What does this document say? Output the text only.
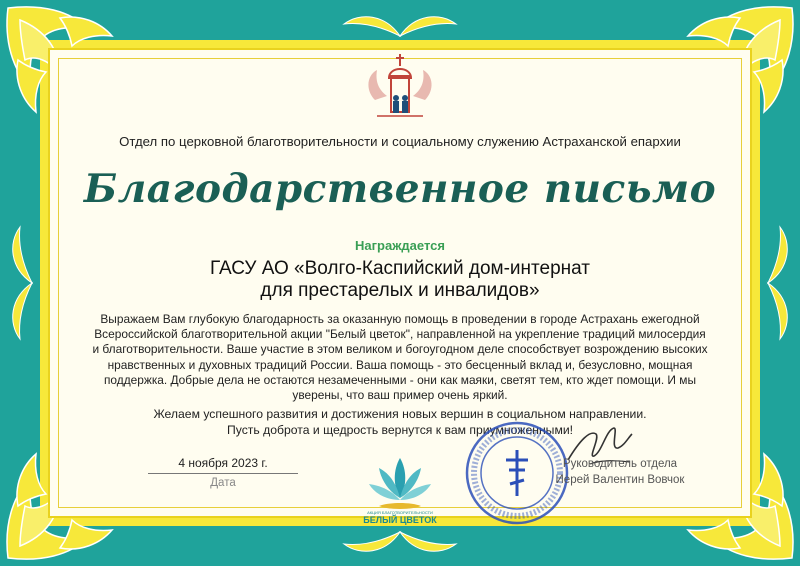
Отдел по церковной благотворительности и социальному служению Астраханской епархии
Благодарственное письмо
Награждается
ГАСУ АО «Волго-Каспийский дом-интернат
для престарелых и инвалидов»
Выражаем Вам глубокую благодарность за оказанную помощь в проведении в городе Астрахань ежегодной Всероссийской благотворительной акции "Белый цветок", направленной на укрепление традиций милосердия и благотворительности. Ваше участие в этом великом и богоугодном деле способствует возрождению высоких нравственных и духовных традиций России. Ваша помощь - это бесценный вклад и, безусловно, мощная поддержка. Добрые дела не остаются незамеченными - они как маяки, светят тем, кто ждет помощи. И мы уверены, что ваш пример очень яркий.
Желаем успешного развития и достижения новых вершин в социальном направлении.
Пусть доброта и щедрость вернутся к вам приумноженными!
4 ноября 2023 г.
Дата
АКЦИЯ БЛАГОТВОРИТЕЛЬНОСТИ
БЕЛЫЙ ЦВЕТОК
Руководитель отдела
Иерей Валентин Вовчок
